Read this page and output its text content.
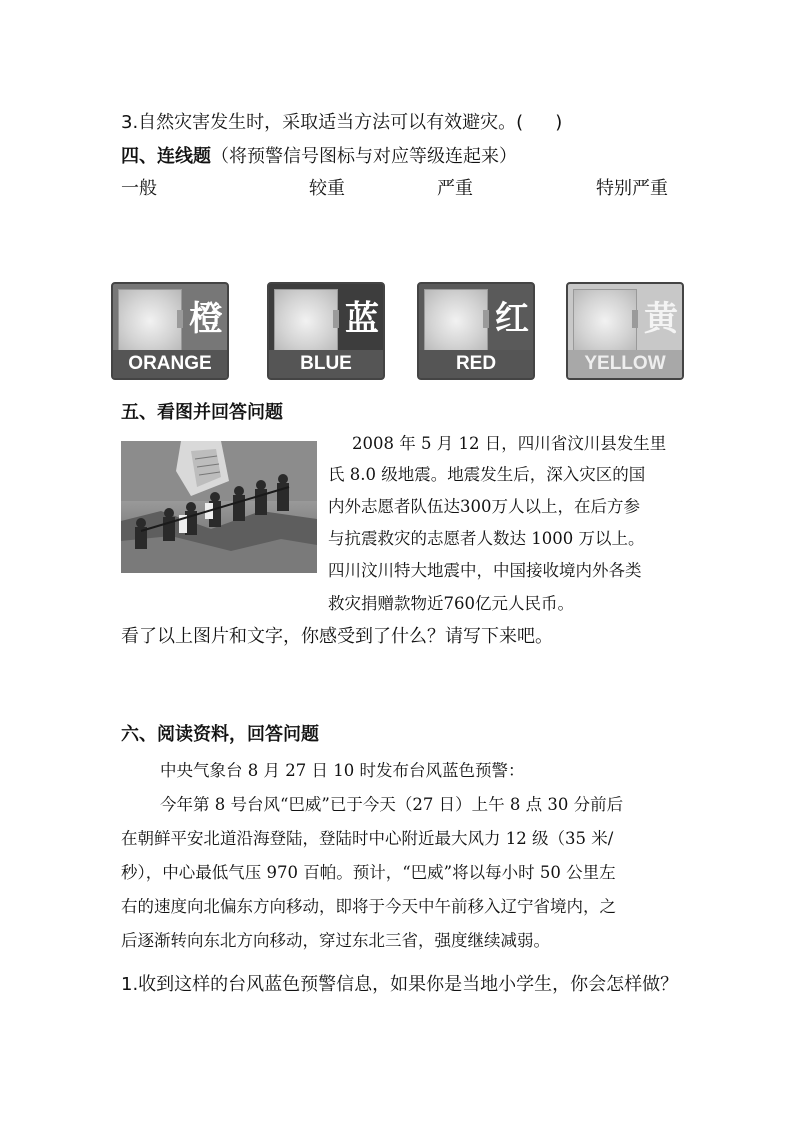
3.自然灾害发生时，采取适当方法可以有效避灾。( )
四、连线题（将预警信号图标与对应等级连起来）
一般	较重	严重	特别严重
橙
ORANGE
蓝
BLUE
红
RED
黄
YELLOW
五、看图并回答问题
2008 年 5 月 12 日，四川省汶川县发生里
氏 8.0 级地震。地震发生后，深入灾区的国
内外志愿者队伍达300万人以上，在后方参
与抗震救灾的志愿者人数达 1000 万以上。
四川汶川特大地震中，中国接收境内外各类
救灾捐赠款物近760亿元人民币。
看了以上图片和文字，你感受到了什么？请写下来吧。
六、阅读资料，回答问题
中央气象台 8 月 27 日 10 时发布台风蓝色预警：
今年第 8 号台风“巴威”已于今天（27 日）上午 8 点 30 分前后
在朝鲜平安北道沿海登陆，登陆时中心附近最大风力 12 级（35 米/
秒），中心最低气压 970 百帕。预计，“巴威”将以每小时 50 公里左
右的速度向北偏东方向移动，即将于今天中午前移入辽宁省境内，之
后逐渐转向东北方向移动，穿过东北三省，强度继续减弱。
1.收到这样的台风蓝色预警信息，如果你是当地小学生，你会怎样做？
